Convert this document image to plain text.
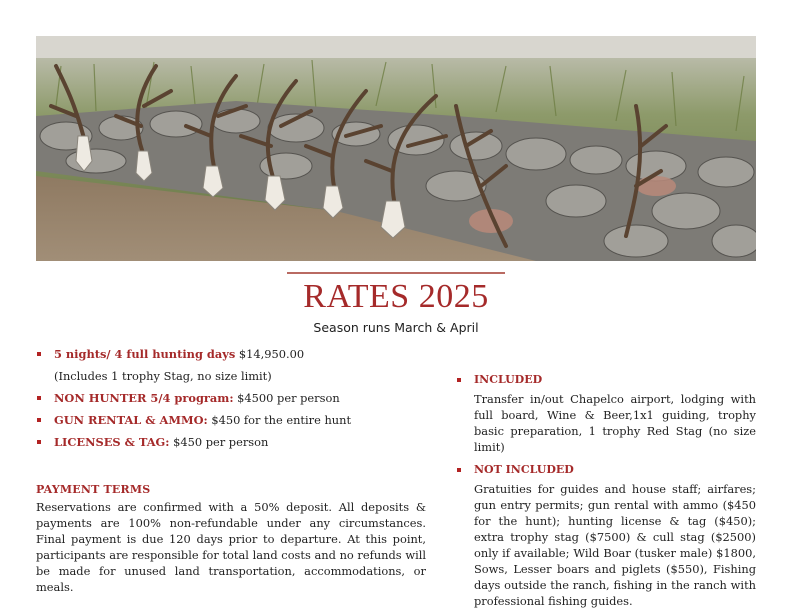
RATES 2025
Season runs March & April
5 nights/ 4 full hunting days $14,950.00
(Includes 1 trophy Stag, no size limit)
NON HUNTER 5/4 program: $4500 per person
GUN RENTAL & AMMO: $450 for the entire hunt
LICENSES & TAG: $450 per person
PAYMENT TERMS
Reservations are confirmed with a 50% deposit. All deposits & payments are 100% non-refundable under any circumstances. Final payment is due 120 days prior to departure. At this point, participants are responsible for total land costs and no refunds will be made for unused land transportation, accommodations, or meals.
INCLUDED
Transfer in/out Chapelco airport, lodging with full board, Wine & Beer,1x1 guiding, trophy basic preparation, 1 trophy Red Stag (no size limit)
NOT INCLUDED
Gratuities for guides and house staff; airfares; gun entry permits; gun rental with ammo ($450 for the hunt); hunting license & tag ($450); extra trophy stag ($7500) & cull stag ($2500) only if available; Wild Boar (tusker male) $1800, Sows, Lesser boars and piglets ($550), Fishing days outside the ranch, fishing in the ranch with professional fishing guides.
